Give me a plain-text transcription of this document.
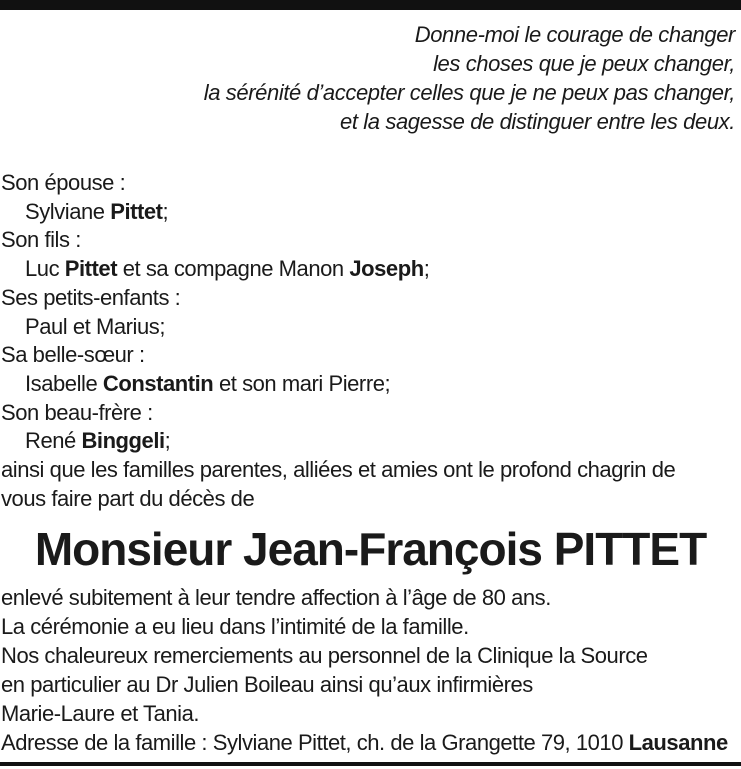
Donne-moi le courage de changer
les choses que je peux changer,
la sérénité d’accepter celles que je ne peux pas changer,
et la sagesse de distinguer entre les deux.
Son épouse :
Sylviane Pittet;
Son fils :
Luc Pittet et sa compagne Manon Joseph;
Ses petits-enfants :
Paul et Marius;
Sa belle-sœur :
Isabelle Constantin et son mari Pierre;
Son beau-frère :
René Binggeli;
ainsi que les familles parentes, alliées et amies ont le profond chagrin de
vous faire part du décès de
Monsieur Jean-François PITTET
enlevé subitement à leur tendre affection à l’âge de 80 ans.
La cérémonie a eu lieu dans l’intimité de la famille.
Nos chaleureux remerciements au personnel de la Clinique la Source
en particulier au Dr Julien Boileau ainsi qu’aux infirmières
Marie-Laure et Tania.
Adresse de la famille : Sylviane Pittet, ch. de la Grangette 79, 1010 Lausanne
